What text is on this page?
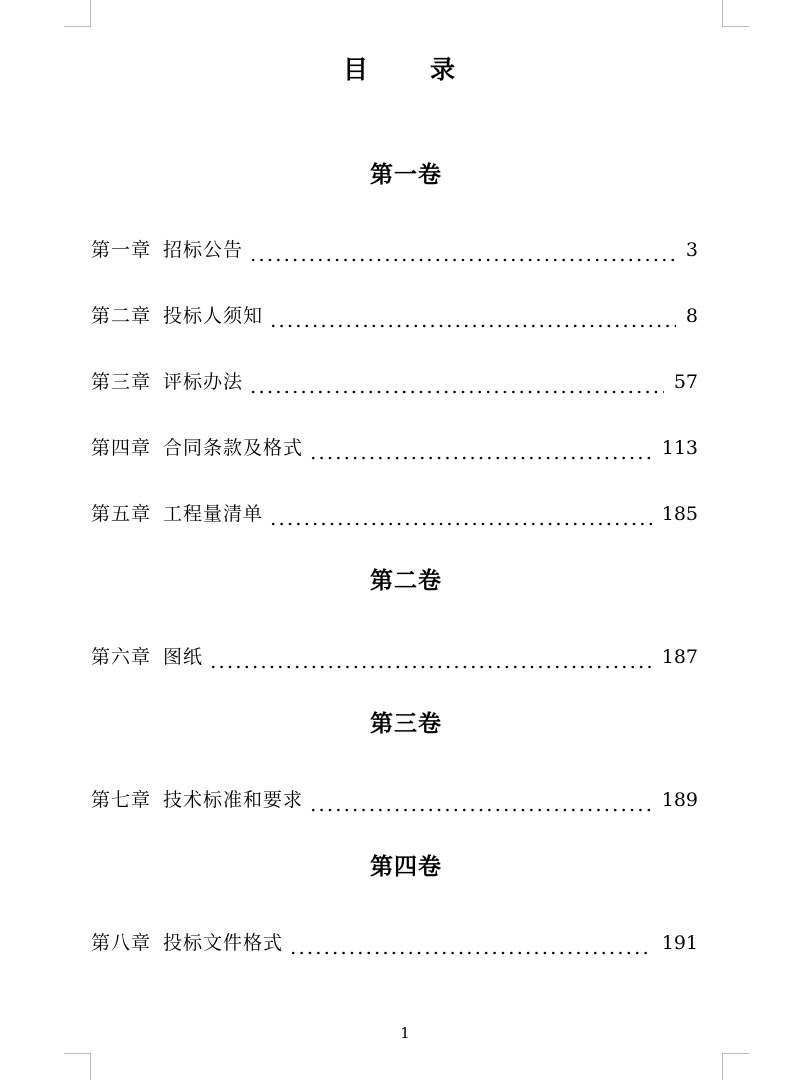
目录
第一卷
第一章 招标公告	3
第二章 投标人须知	8
第三章 评标办法	57
第四章 合同条款及格式	113
第五章 工程量清单	185
第二卷
第六章 图纸	187
第三卷
第七章 技术标准和要求	189
第四卷
第八章 投标文件格式	191
1
